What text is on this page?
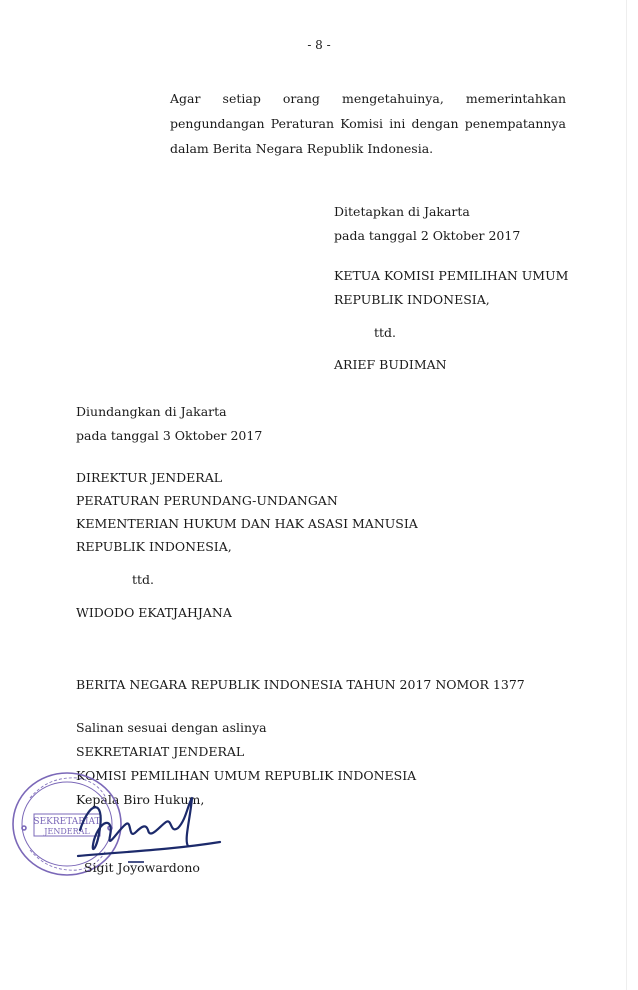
- 8 -
Agar setiap orang mengetahuinya, memerintahkan
pengundangan Peraturan Komisi ini dengan penempatannya
dalam Berita Negara Republik Indonesia.
Ditetapkan di Jakarta
pada tanggal 2 Oktober 2017
KETUA KOMISI PEMILIHAN UMUM
REPUBLIK INDONESIA,
ttd.
ARIEF BUDIMAN
Diundangkan di Jakarta
pada tanggal 3 Oktober 2017
DIREKTUR JENDERAL
PERATURAN PERUNDANG-UNDANGAN
KEMENTERIAN HUKUM DAN HAK ASASI MANUSIA
REPUBLIK INDONESIA,
ttd.
WIDODO EKATJAHJANA
BERITA NEGARA REPUBLIK INDONESIA TAHUN 2017 NOMOR 1377
Salinan sesuai dengan aslinya
SEKRETARIAT JENDERAL
KOMISI PEMILIHAN UMUM REPUBLIK INDONESIA
Kepala Biro Hukum,
SEKRETARIAT
JENDERAL
Sigit Joyowardono
